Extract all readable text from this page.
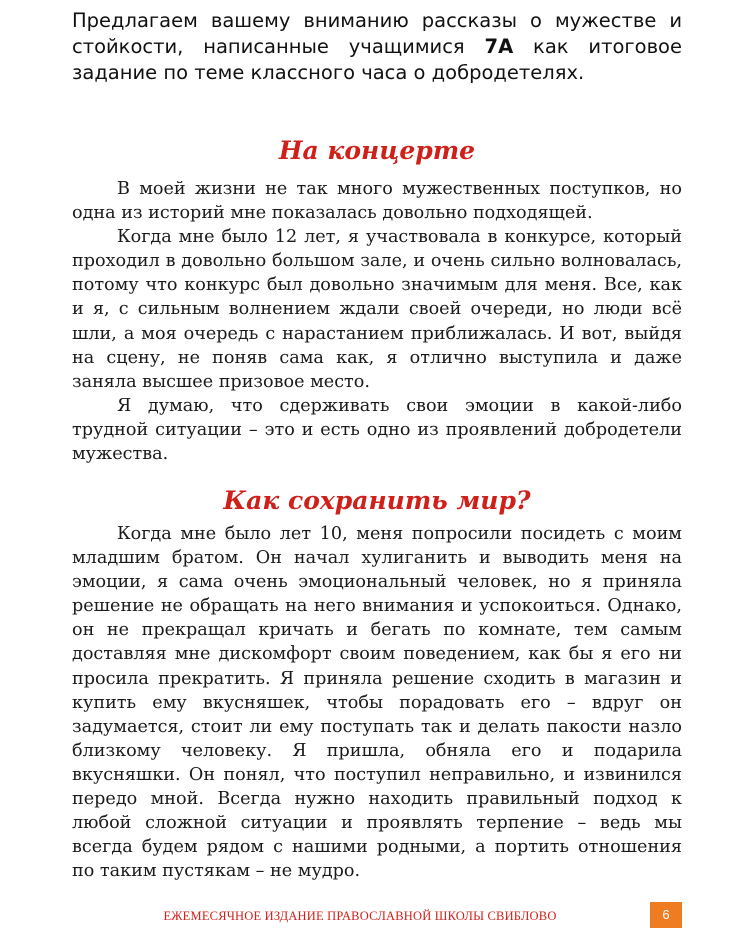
Предлагаем вашему вниманию рассказы о мужестве и стойкости, написанные учащимися 7А как итоговое задание по теме классного часа о добродетелях.
На концерте

В моей жизни не так много мужественных поступков, но одна из историй мне показалась довольно подходящей.

Когда мне было 12 лет, я участвовала в конкурсе, который проходил в довольно большом зале, и очень сильно волновалась, потому что конкурс был довольно значимым для меня. Все, как и я, с сильным волнением ждали своей очереди, но люди всё шли, а моя очередь с нарастанием приближалась. И вот, выйдя на сцену, не поняв сама как, я отлично выступила и даже заняла высшее призовое место.

Я думаю, что сдерживать свои эмоции в какой-либо трудной ситуации – это и есть одно из проявлений добродетели мужества.

Как сохранить мир?

Когда мне было лет 10, меня попросили посидеть с моим младшим братом. Он начал хулиганить и выводить меня на эмоции, я сама очень эмоциональный человек, но я приняла решение не обращать на него внимания и успокоиться. Однако, он не прекращал кричать и бегать по комнате, тем самым доставляя мне дискомфорт своим поведением, как бы я его ни просила прекратить. Я приняла решение сходить в магазин и купить ему вкусняшек, чтобы порадовать его – вдруг он задумается, стоит ли ему поступать так и делать пакости назло близкому человеку. Я пришла, обняла его и подарила вкусняшки. Он понял, что поступил неправильно, и извинился передо мной. Всегда нужно находить правильный подход к любой сложной ситуации и проявлять терпение – ведь мы всегда будем рядом с нашими родными, а портить отношения по таким пустякам – не мудро.

ЕЖЕМЕСЯЧНОЕ ИЗДАНИЕ ПРАВОСЛАВНОЙ ШКОЛЫ СВИБЛОВО	6
